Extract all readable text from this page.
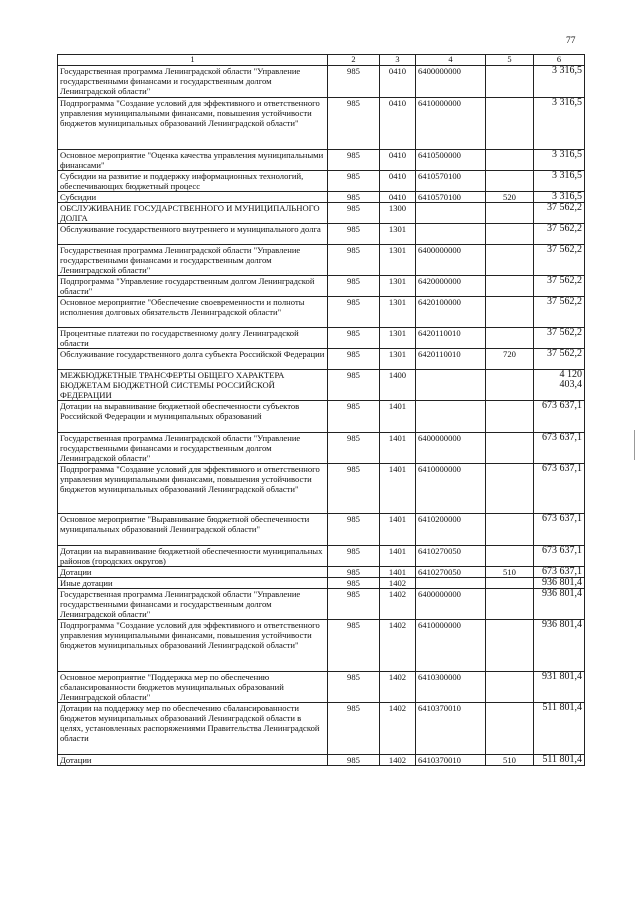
77
1	2	3	4	5	6
Государственная программа Ленинградской области "Управление государственными финансами и государственным долгом Ленинградской области"	985	0410	6400000000		3 316,5
Подпрограмма "Создание условий для эффективного и ответственного управления муниципальными финансами, повышения устойчивости бюджетов муниципальных образований Ленинградской области"	985	0410	6410000000		3 316,5
Основное мероприятие "Оценка качества управления муниципальными финансами"	985	0410	6410500000		3 316,5
Субсидии на развитие и поддержку информационных технологий, обеспечивающих бюджетный процесс	985	0410	6410570100		3 316,5
Субсидии	985	0410	6410570100	520	3 316,5
ОБСЛУЖИВАНИЕ ГОСУДАРСТВЕННОГО И МУНИЦИПАЛЬНОГО ДОЛГА	985	1300			37 562,2
Обслуживание государственного внутреннего и муниципального долга	985	1301			37 562,2
Государственная программа Ленинградской области "Управление государственными финансами и государственным долгом Ленинградской области"	985	1301	6400000000		37 562,2
Подпрограмма "Управление государственным долгом Ленинградской области"	985	1301	6420000000		37 562,2
Основное мероприятие "Обеспечение своевременности и полноты исполнения долговых обязательств Ленинградской области"	985	1301	6420100000		37 562,2
Процентные платежи по государственному долгу Ленинградской области	985	1301	6420110010		37 562,2
Обслуживание государственного долга субъекта Российской Федерации	985	1301	6420110010	720	37 562,2
МЕЖБЮДЖЕТНЫЕ ТРАНСФЕРТЫ ОБЩЕГО ХАРАКТЕРА БЮДЖЕТАМ БЮДЖЕТНОЙ СИСТЕМЫ РОССИЙСКОЙ ФЕДЕРАЦИИ	985	1400			4 120 403,4
Дотации на выравнивание бюджетной обеспеченности субъектов Российской Федерации и муниципальных образований	985	1401			673 637,1
Государственная программа Ленинградской области "Управление государственными финансами и государственным долгом Ленинградской области"	985	1401	6400000000		673 637,1
Подпрограмма "Создание условий для эффективного и ответственного управления муниципальными финансами, повышения устойчивости бюджетов муниципальных образований Ленинградской области"	985	1401	6410000000		673 637,1
Основное мероприятие "Выравнивание бюджетной обеспеченности муниципальных образований Ленинградской области"	985	1401	6410200000		673 637,1
Дотации на выравнивание бюджетной обеспеченности муниципальных районов (городских округов)	985	1401	6410270050		673 637,1
Дотации	985	1401	6410270050	510	673 637,1
Иные дотации	985	1402			936 801,4
Государственная программа Ленинградской области "Управление государственными финансами и государственным долгом Ленинградской области"	985	1402	6400000000		936 801,4
Подпрограмма "Создание условий для эффективного и ответственного управления муниципальными финансами, повышения устойчивости бюджетов муниципальных образований Ленинградской области"	985	1402	6410000000		936 801,4
Основное мероприятие "Поддержка мер по обеспечению сбалансированности бюджетов муниципальных образований Ленинградской области"	985	1402	6410300000		931 801,4
Дотации на поддержку мер по обеспечению сбалансированности бюджетов муниципальных образований Ленинградской области в целях, установленных распоряжениями Правительства Ленинградской области	985	1402	6410370010		511 801,4
Дотации	985	1402	6410370010	510	511 801,4
